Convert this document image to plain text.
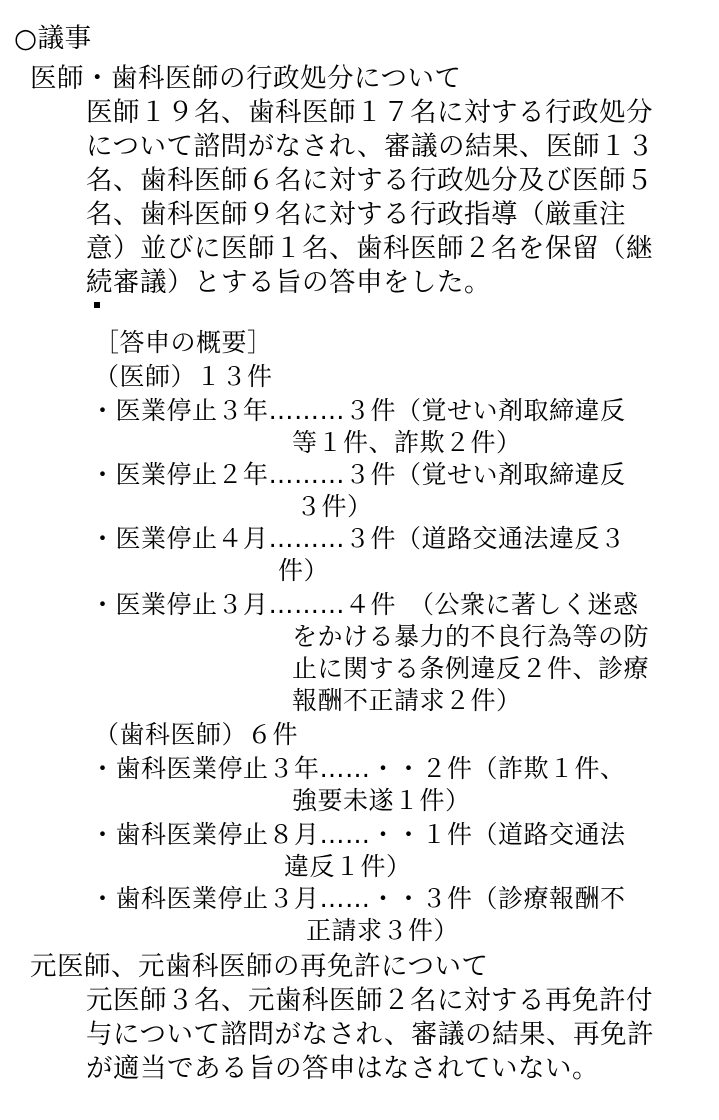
○議事
医師・歯科医師の行政処分について
医師１９名、歯科医師１７名に対する行政処分
について諮問がなされ、審議の結果、医師１３
名、歯科医師６名に対する行政処分及び医師５
名、歯科医師９名に対する行政指導（厳重注
意）並びに医師１名、歯科医師２名を保留（継
続審議）とする旨の答申をした。
［答申の概要］
（医師）１３件
・医業停止３年………３件（覚せい剤取締違反
等１件、詐欺２件）
・医業停止２年………３件（覚せい剤取締違反
３件）
・医業停止４月………３件（道路交通法違反３
件）
・医業停止３月………４件　（公衆に著しく迷惑
をかける暴力的不良行為等の防
止に関する条例違反２件、診療
報酬不正請求２件）
（歯科医師）６件
・歯科医業停止３年……・・２件（詐欺１件、
強要未遂１件）
・歯科医業停止８月……・・１件（道路交通法
違反１件）
・歯科医業停止３月……・・３件（診療報酬不
正請求３件）
元医師、元歯科医師の再免許について
元医師３名、元歯科医師２名に対する再免許付
与について諮問がなされ、審議の結果、再免許
が適当である旨の答申はなされていない。
